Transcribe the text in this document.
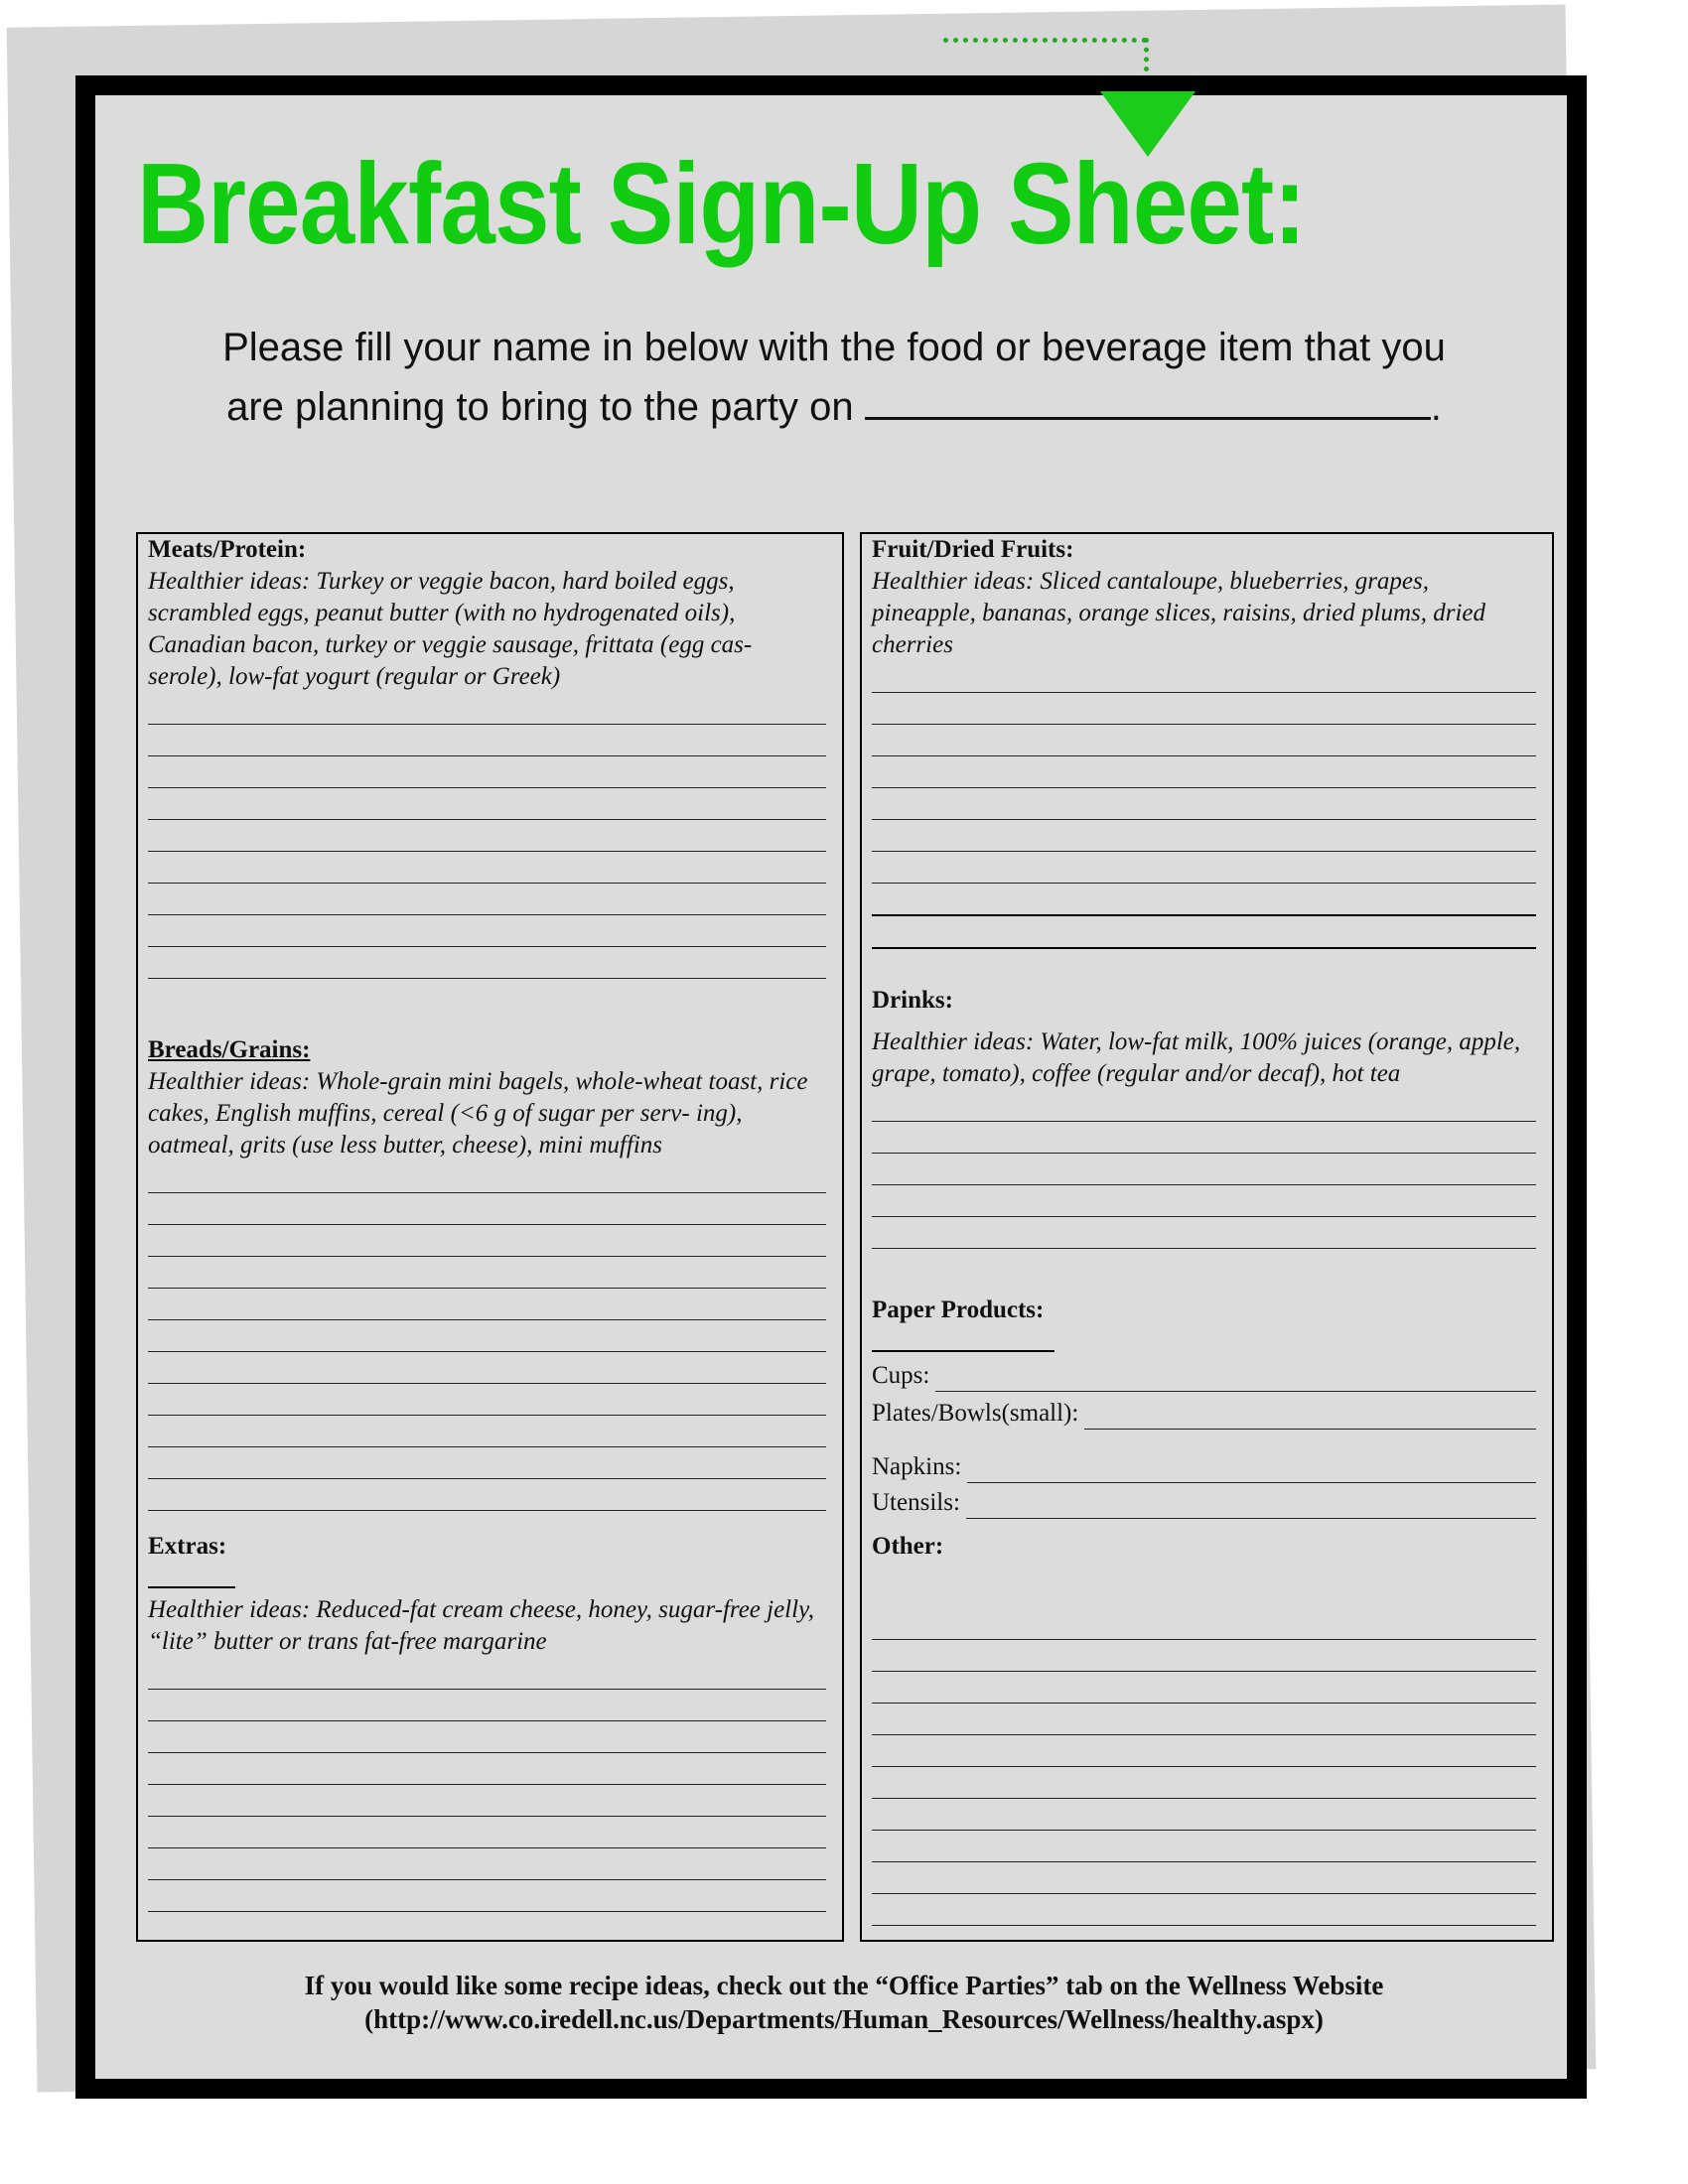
Breakfast Sign-Up Sheet:

Please fill your name in below with the food or beverage item that you
are planning to bring to the party on	.

Meats/Protein:
Healthier ideas: Turkey or veggie bacon, hard boiled eggs, scrambled eggs, peanut butter (with no hydrogenated oils), Canadian bacon, turkey or veggie sausage, frittata (egg cas- serole), low-fat yogurt (regular or Greek)
Breads/Grains:
Healthier ideas: Whole-grain mini bagels, whole-wheat toast, rice cakes, English muffins, cereal (<6 g of sugar per serv- ing), oatmeal, grits (use less butter, cheese), mini muffins
Extras:
Healthier ideas: Reduced-fat cream cheese, honey, sugar-free jelly, “lite” butter or trans fat-free margarine
Fruit/Dried Fruits:
Healthier ideas: Sliced cantaloupe, blueberries, grapes, pineapple, bananas, orange slices, raisins, dried plums, dried cherries
Drinks:
Healthier ideas: Water, low-fat milk, 100% juices (orange, apple, grape, tomato), coffee (regular and/or decaf), hot tea
Paper Products:
Cups:
Plates/Bowls(small):
Napkins:
Utensils:
Other:

If you would like some recipe ideas, check out the “Office Parties” tab on the Wellness Website
(http://www.co.iredell.nc.us/Departments/Human_Resources/Wellness/healthy.aspx)
